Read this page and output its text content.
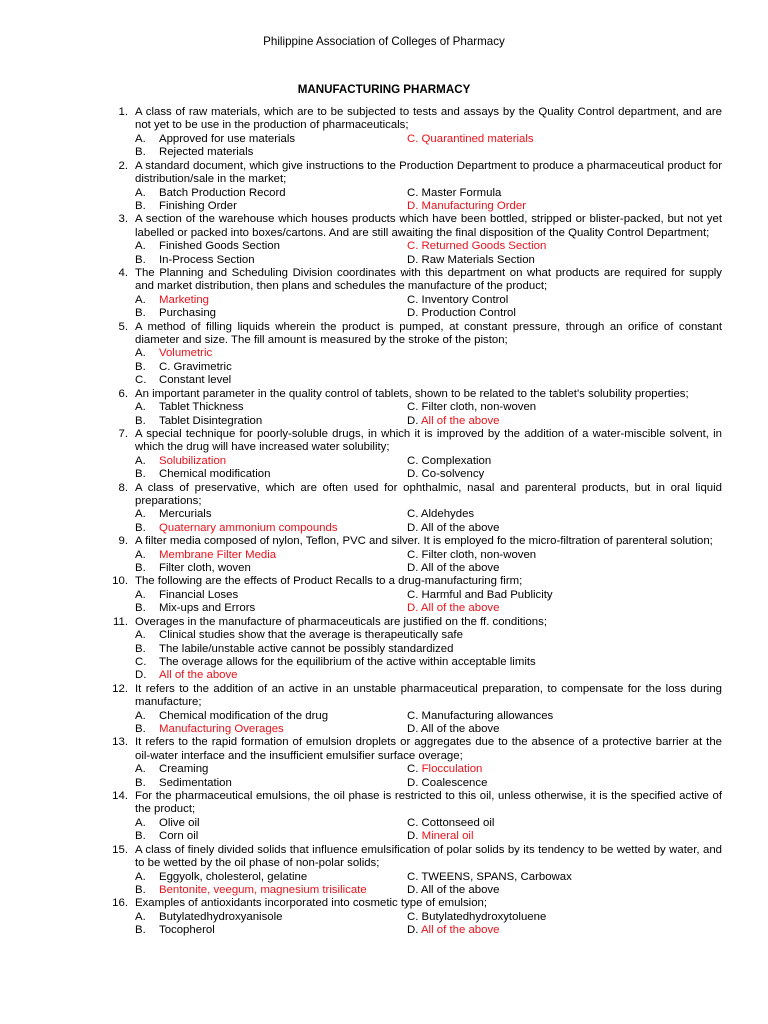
Philippine Association of Colleges of Pharmacy
MANUFACTURING PHARMACY
1. A class of raw materials, which are to be subjected to tests and assays by the Quality Control department, and are not yet to be use in the production of pharmaceuticals;
A. Approved for use materials	C. Quarantined materials
B. Rejected materials
2. A standard document, which give instructions to the Production Department to produce a pharmaceutical product for distribution/sale in the market;
A. Batch Production Record	C. Master Formula
B. Finishing Order	D. Manufacturing Order
3. A section of the warehouse which houses products which have been bottled, stripped or blister-packed, but not yet labelled or packed into boxes/cartons. And are still awaiting the final disposition of the Quality Control Department;
A. Finished Goods Section	C. Returned Goods Section
B. In-Process Section	D. Raw Materials Section
4. The Planning and Scheduling Division coordinates with this department on what products are required for supply and market distribution, then plans and schedules the manufacture of the product;
A. Marketing	C. Inventory Control
B. Purchasing	D. Production Control
5. A method of filling liquids wherein the product is pumped, at constant pressure, through an orifice of constant diameter and size. The fill amount is measured by the stroke of the piston;
A. Volumetric
B. C. Gravimetric
C. Constant level
6. An important parameter in the quality control of tablets, shown to be related to the tablet's solubility properties;
A. Tablet Thickness	C. Filter cloth, non-woven
B. Tablet Disintegration	D. All of the above
7. A special technique for poorly-soluble drugs, in which it is improved by the addition of a water-miscible solvent, in which the drug will have increased water solubility;
A. Solubilization	C. Complexation
B. Chemical modification	D. Co-solvency
8. A class of preservative, which are often used for ophthalmic, nasal and parenteral products, but in oral liquid preparations;
A. Mercurials	C. Aldehydes
B. Quaternary ammonium compounds	D. All of the above
9. A filter media composed of nylon, Teflon, PVC and silver. It is employed fo the micro-filtration of parenteral solution;
A. Membrane Filter Media	C. Filter cloth, non-woven
B. Filter cloth, woven	D. All of the above
10. The following are the effects of Product Recalls to a drug-manufacturing firm;
A. Financial Loses	C. Harmful and Bad Publicity
B. Mix-ups and Errors	D. All of the above
11. Overages in the manufacture of pharmaceuticals are justified on the ff. conditions;
A. Clinical studies show that the average is therapeutically safe
B. The labile/unstable active cannot be possibly standardized
C. The overage allows for the equilibrium of the active within acceptable limits
D. All of the above
12. It refers to the addition of an active in an unstable pharmaceutical preparation, to compensate for the loss during manufacture;
A. Chemical modification of the drug	C. Manufacturing allowances
B. Manufacturing Overages	D. All of the above
13. It refers to the rapid formation of emulsion droplets or aggregates due to the absence of a protective barrier at the oil-water interface and the insufficient emulsifier surface overage;
A. Creaming	C. Flocculation
B. Sedimentation	D. Coalescence
14. For the pharmaceutical emulsions, the oil phase is restricted to this oil, unless otherwise, it is the specified active of the product;
A. Olive oil	C. Cottonseed oil
B. Corn oil	D. Mineral oil
15. A class of finely divided solids that influence emulsification of polar solids by its tendency to be wetted by water, and to be wetted by the oil phase of non-polar solids;
A. Eggyolk, cholesterol, gelatine	C. TWEENS, SPANS, Carbowax
B. Bentonite, veegum, magnesium trisilicate	D. All of the above
16. Examples of antioxidants incorporated into cosmetic type of emulsion;
A. Butylatedhydroxyanisole	C. Butylatedhydroxytoluene
B. Tocopherol	D. All of the above
